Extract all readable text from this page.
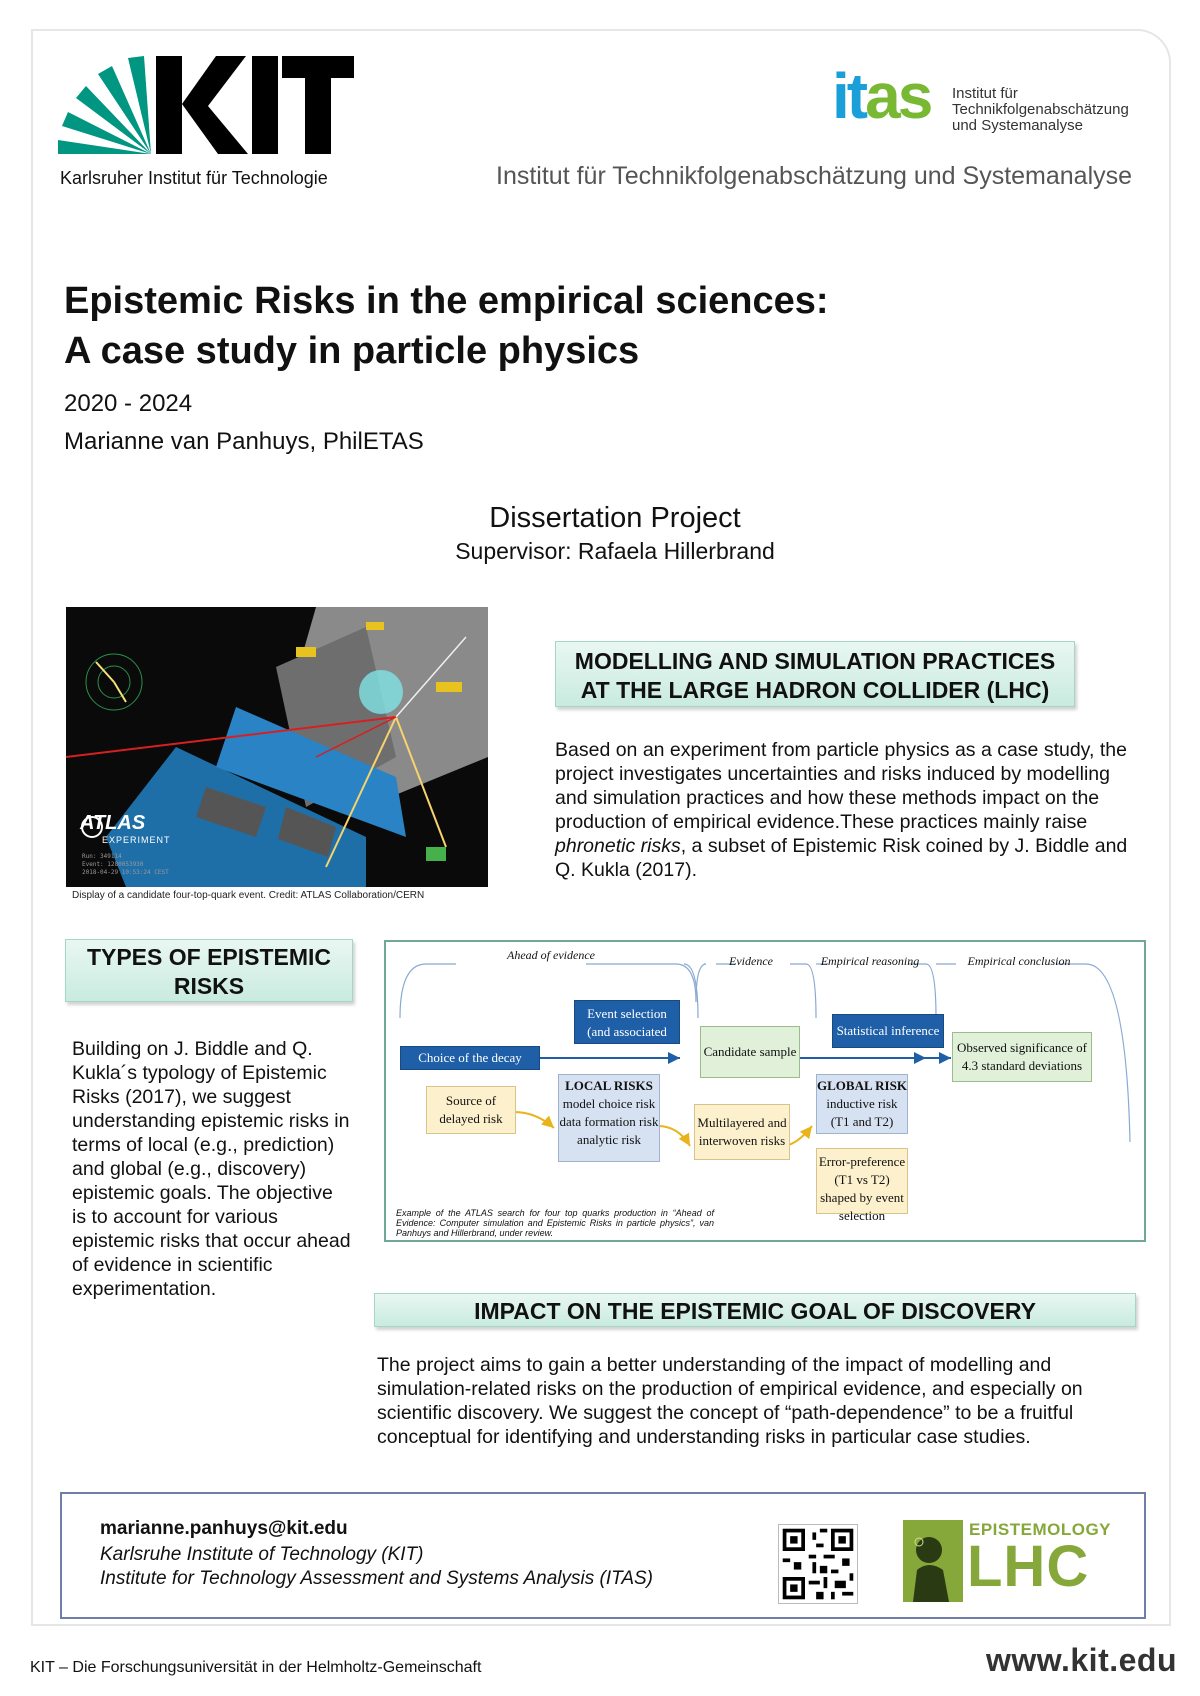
Karlsruher Institut für Technologie
itas Institut für
Technikfolgenabschätzung
und Systemanalyse
Institut für Technikfolgenabschätzung und Systemanalyse
Epistemic Risks in the empirical sciences:
A case study in particle physics
2020 - 2024
Marianne van Panhuys, PhilETAS
Dissertation Project
Supervisor: Rafaela Hillerbrand
ATLAS
EXPERIMENT
Run: 349114
Event: 1280053930
2018-04-29 10:53:24 CEST
Display of a candidate four-top-quark event. Credit: ATLAS Collaboration/CERN
MODELLING AND SIMULATION PRACTICES
AT THE LARGE HADRON COLLIDER (LHC)
Based on an experiment from particle physics as a case study, the project investigates uncertainties and risks induced by modelling and simulation practices and how these methods impact on the production of empirical evidence.These practices mainly raise phronetic risks, a subset of Epistemic Risk coined by J. Biddle and Q. Kukla (2017).
TYPES OF EPISTEMIC
RISKS
Building on J. Biddle and Q. Kukla´s typology of Epistemic Risks (2017), we suggest understanding epistemic risks in terms of local (e.g., prediction) and global (e.g., discovery) epistemic goals. The objective is to account for various epistemic risks that occur ahead of evidence in scientific experimentation.
Ahead of evidence	Evidence	Empirical reasoning	Empirical conclusion
Choice of the decay channel
Event selection (and associated tasks)	Candidate sample
Statistical inference
Observed significance of 4.3 standard deviations
Source of delayed risk
LOCAL RISKS
model choice risk data formation risk analytic risk
Multilayered and interwoven risks
GLOBAL RISK
inductive risk (T1 and T2)
Error-preference (T1 vs T2) shaped by event selection
Example of the ATLAS search for four top quarks production in “Ahead of Evidence: Computer simulation and Epistemic Risks in particle physics”, van Panhuys and Hillerbrand, under review.
IMPACT ON THE EPISTEMIC GOAL OF DISCOVERY
The project aims to gain a better understanding of the impact of modelling and simulation-related risks on the production of empirical evidence, and especially on scientific discovery. We suggest the concept of “path-dependence” to be a fruitful conceptual for identifying and understanding risks in particular case studies.
marianne.panhuys@kit.edu
Karlsruhe Institute of Technology (KIT)
Institute for Technology Assessment and Systems Analysis (ITAS)
EPISTEMOLOGY
LHC
KIT – Die Forschungsuniversität in der Helmholtz-Gemeinschaft	www.kit.edu
